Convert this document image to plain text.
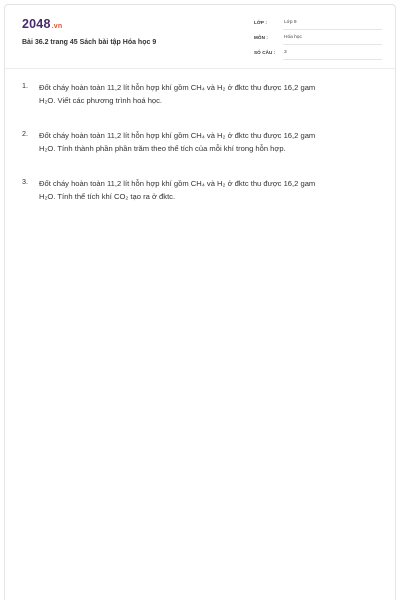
2048.vn
Bài 36.2 trang 45 Sách bài tập Hóa học 9
LỚP :	Lớp 9
MÔN :	Hóa học
SỐ CÂU : 3
1. Đốt cháy hoàn toàn 11,2 lít hỗn hợp khí gồm CH₄ và H₂ ở đktc thu được 16,2 gam
H₂O. Viết các phương trình hoá học.
2. Đốt cháy hoàn toàn 11,2 lít hỗn hợp khí gồm CH₄ và H₂ ở đktc thu được 16,2 gam
H₂O. Tính thành phần phần trăm theo thể tích của mỗi khí trong hỗn hợp.
3. Đốt cháy hoàn toàn 11,2 lít hỗn hợp khí gồm CH₄ và H₂ ở đktc thu được 16,2 gam
H₂O. Tính thể tích khí CO₂ tạo ra ở đktc.
